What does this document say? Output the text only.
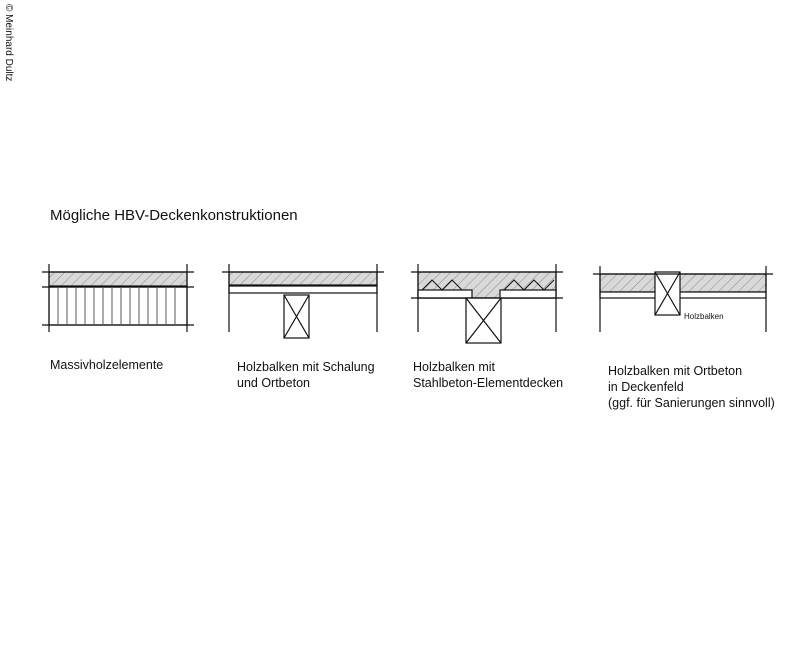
© Meinhard Dultz
Mögliche HBV-Deckenkonstruktionen
Holzbalken
Massivholzelemente	Holzbalken mit Schalung
und Ortbeton
Holzbalken mit
Stahlbeton-Elementdecken
Holzbalken mit Ortbeton
in Deckenfeld
(ggf. für Sanierungen sinnvoll)
